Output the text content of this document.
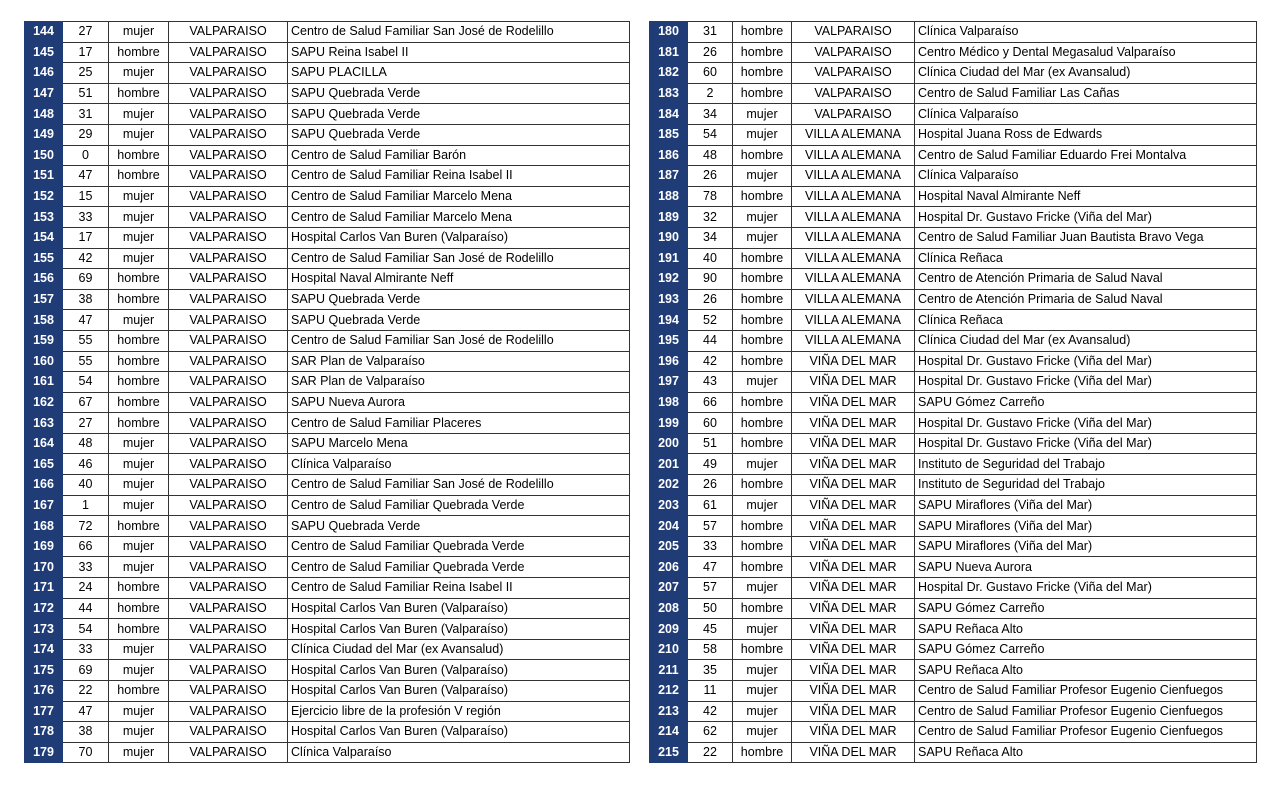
144	27	mujer	VALPARAISO	Centro de Salud Familiar San José de Rodelillo
145	17	hombre	VALPARAISO	SAPU Reina Isabel II
146	25	mujer	VALPARAISO	SAPU PLACILLA
147	51	hombre	VALPARAISO	SAPU Quebrada Verde
148	31	mujer	VALPARAISO	SAPU Quebrada Verde
149	29	mujer	VALPARAISO	SAPU Quebrada Verde
150	0	hombre	VALPARAISO	Centro de Salud Familiar Barón
151	47	hombre	VALPARAISO	Centro de Salud Familiar Reina Isabel II
152	15	mujer	VALPARAISO	Centro de Salud Familiar Marcelo Mena
153	33	mujer	VALPARAISO	Centro de Salud Familiar Marcelo Mena
154	17	mujer	VALPARAISO	Hospital Carlos Van Buren (Valparaíso)
155	42	mujer	VALPARAISO	Centro de Salud Familiar San José de Rodelillo
156	69	hombre	VALPARAISO	Hospital Naval Almirante Neff
157	38	hombre	VALPARAISO	SAPU Quebrada Verde
158	47	mujer	VALPARAISO	SAPU Quebrada Verde
159	55	hombre	VALPARAISO	Centro de Salud Familiar San José de Rodelillo
160	55	hombre	VALPARAISO	SAR Plan de Valparaíso
161	54	hombre	VALPARAISO	SAR Plan de Valparaíso
162	67	hombre	VALPARAISO	SAPU Nueva Aurora
163	27	hombre	VALPARAISO	Centro de Salud Familiar Placeres
164	48	mujer	VALPARAISO	SAPU Marcelo Mena
165	46	mujer	VALPARAISO	Clínica Valparaíso
166	40	mujer	VALPARAISO	Centro de Salud Familiar San José de Rodelillo
167	1	mujer	VALPARAISO	Centro de Salud Familiar Quebrada Verde
168	72	hombre	VALPARAISO	SAPU Quebrada Verde
169	66	mujer	VALPARAISO	Centro de Salud Familiar Quebrada Verde
170	33	mujer	VALPARAISO	Centro de Salud Familiar Quebrada Verde
171	24	hombre	VALPARAISO	Centro de Salud Familiar Reina Isabel II
172	44	hombre	VALPARAISO	Hospital Carlos Van Buren (Valparaíso)
173	54	hombre	VALPARAISO	Hospital Carlos Van Buren (Valparaíso)
174	33	mujer	VALPARAISO	Clínica Ciudad del Mar (ex Avansalud)
175	69	mujer	VALPARAISO	Hospital Carlos Van Buren (Valparaíso)
176	22	hombre	VALPARAISO	Hospital Carlos Van Buren (Valparaíso)
177	47	mujer	VALPARAISO	Ejercicio libre de la profesión V región
178	38	mujer	VALPARAISO	Hospital Carlos Van Buren (Valparaíso)
179	70	mujer	VALPARAISO	Clínica Valparaíso
180	31	hombre	VALPARAISO	Clínica Valparaíso
181	26	hombre	VALPARAISO	Centro Médico y Dental Megasalud Valparaíso
182	60	hombre	VALPARAISO	Clínica Ciudad del Mar (ex Avansalud)
183	2	hombre	VALPARAISO	Centro de Salud Familiar Las Cañas
184	34	mujer	VALPARAISO	Clínica Valparaíso
185	54	mujer	VILLA ALEMANA	Hospital Juana Ross de Edwards
186	48	hombre	VILLA ALEMANA	Centro de Salud Familiar Eduardo Frei Montalva
187	26	mujer	VILLA ALEMANA	Clínica Valparaíso
188	78	hombre	VILLA ALEMANA	Hospital Naval Almirante Neff
189	32	mujer	VILLA ALEMANA	Hospital Dr. Gustavo Fricke (Viña del Mar)
190	34	mujer	VILLA ALEMANA	Centro de Salud Familiar Juan Bautista Bravo Vega
191	40	hombre	VILLA ALEMANA	Clínica Reñaca
192	90	hombre	VILLA ALEMANA	Centro de Atención Primaria de Salud Naval
193	26	hombre	VILLA ALEMANA	Centro de Atención Primaria de Salud Naval
194	52	hombre	VILLA ALEMANA	Clínica Reñaca
195	44	hombre	VILLA ALEMANA	Clínica Ciudad del Mar (ex Avansalud)
196	42	hombre	VIÑA DEL MAR	Hospital Dr. Gustavo Fricke (Viña del Mar)
197	43	mujer	VIÑA DEL MAR	Hospital Dr. Gustavo Fricke (Viña del Mar)
198	66	hombre	VIÑA DEL MAR	SAPU Gómez Carreño
199	60	hombre	VIÑA DEL MAR	Hospital Dr. Gustavo Fricke (Viña del Mar)
200	51	hombre	VIÑA DEL MAR	Hospital Dr. Gustavo Fricke (Viña del Mar)
201	49	mujer	VIÑA DEL MAR	Instituto de Seguridad del Trabajo
202	26	hombre	VIÑA DEL MAR	Instituto de Seguridad del Trabajo
203	61	mujer	VIÑA DEL MAR	SAPU Miraflores (Viña del Mar)
204	57	hombre	VIÑA DEL MAR	SAPU Miraflores (Viña del Mar)
205	33	hombre	VIÑA DEL MAR	SAPU Miraflores (Viña del Mar)
206	47	hombre	VIÑA DEL MAR	SAPU Nueva Aurora
207	57	mujer	VIÑA DEL MAR	Hospital Dr. Gustavo Fricke (Viña del Mar)
208	50	hombre	VIÑA DEL MAR	SAPU Gómez Carreño
209	45	mujer	VIÑA DEL MAR	SAPU Reñaca Alto
210	58	hombre	VIÑA DEL MAR	SAPU Gómez Carreño
211	35	mujer	VIÑA DEL MAR	SAPU Reñaca Alto
212	11	mujer	VIÑA DEL MAR	Centro de Salud Familiar Profesor Eugenio Cienfuegos
213	42	mujer	VIÑA DEL MAR	Centro de Salud Familiar Profesor Eugenio Cienfuegos
214	62	mujer	VIÑA DEL MAR	Centro de Salud Familiar Profesor Eugenio Cienfuegos
215	22	hombre	VIÑA DEL MAR	SAPU Reñaca Alto
